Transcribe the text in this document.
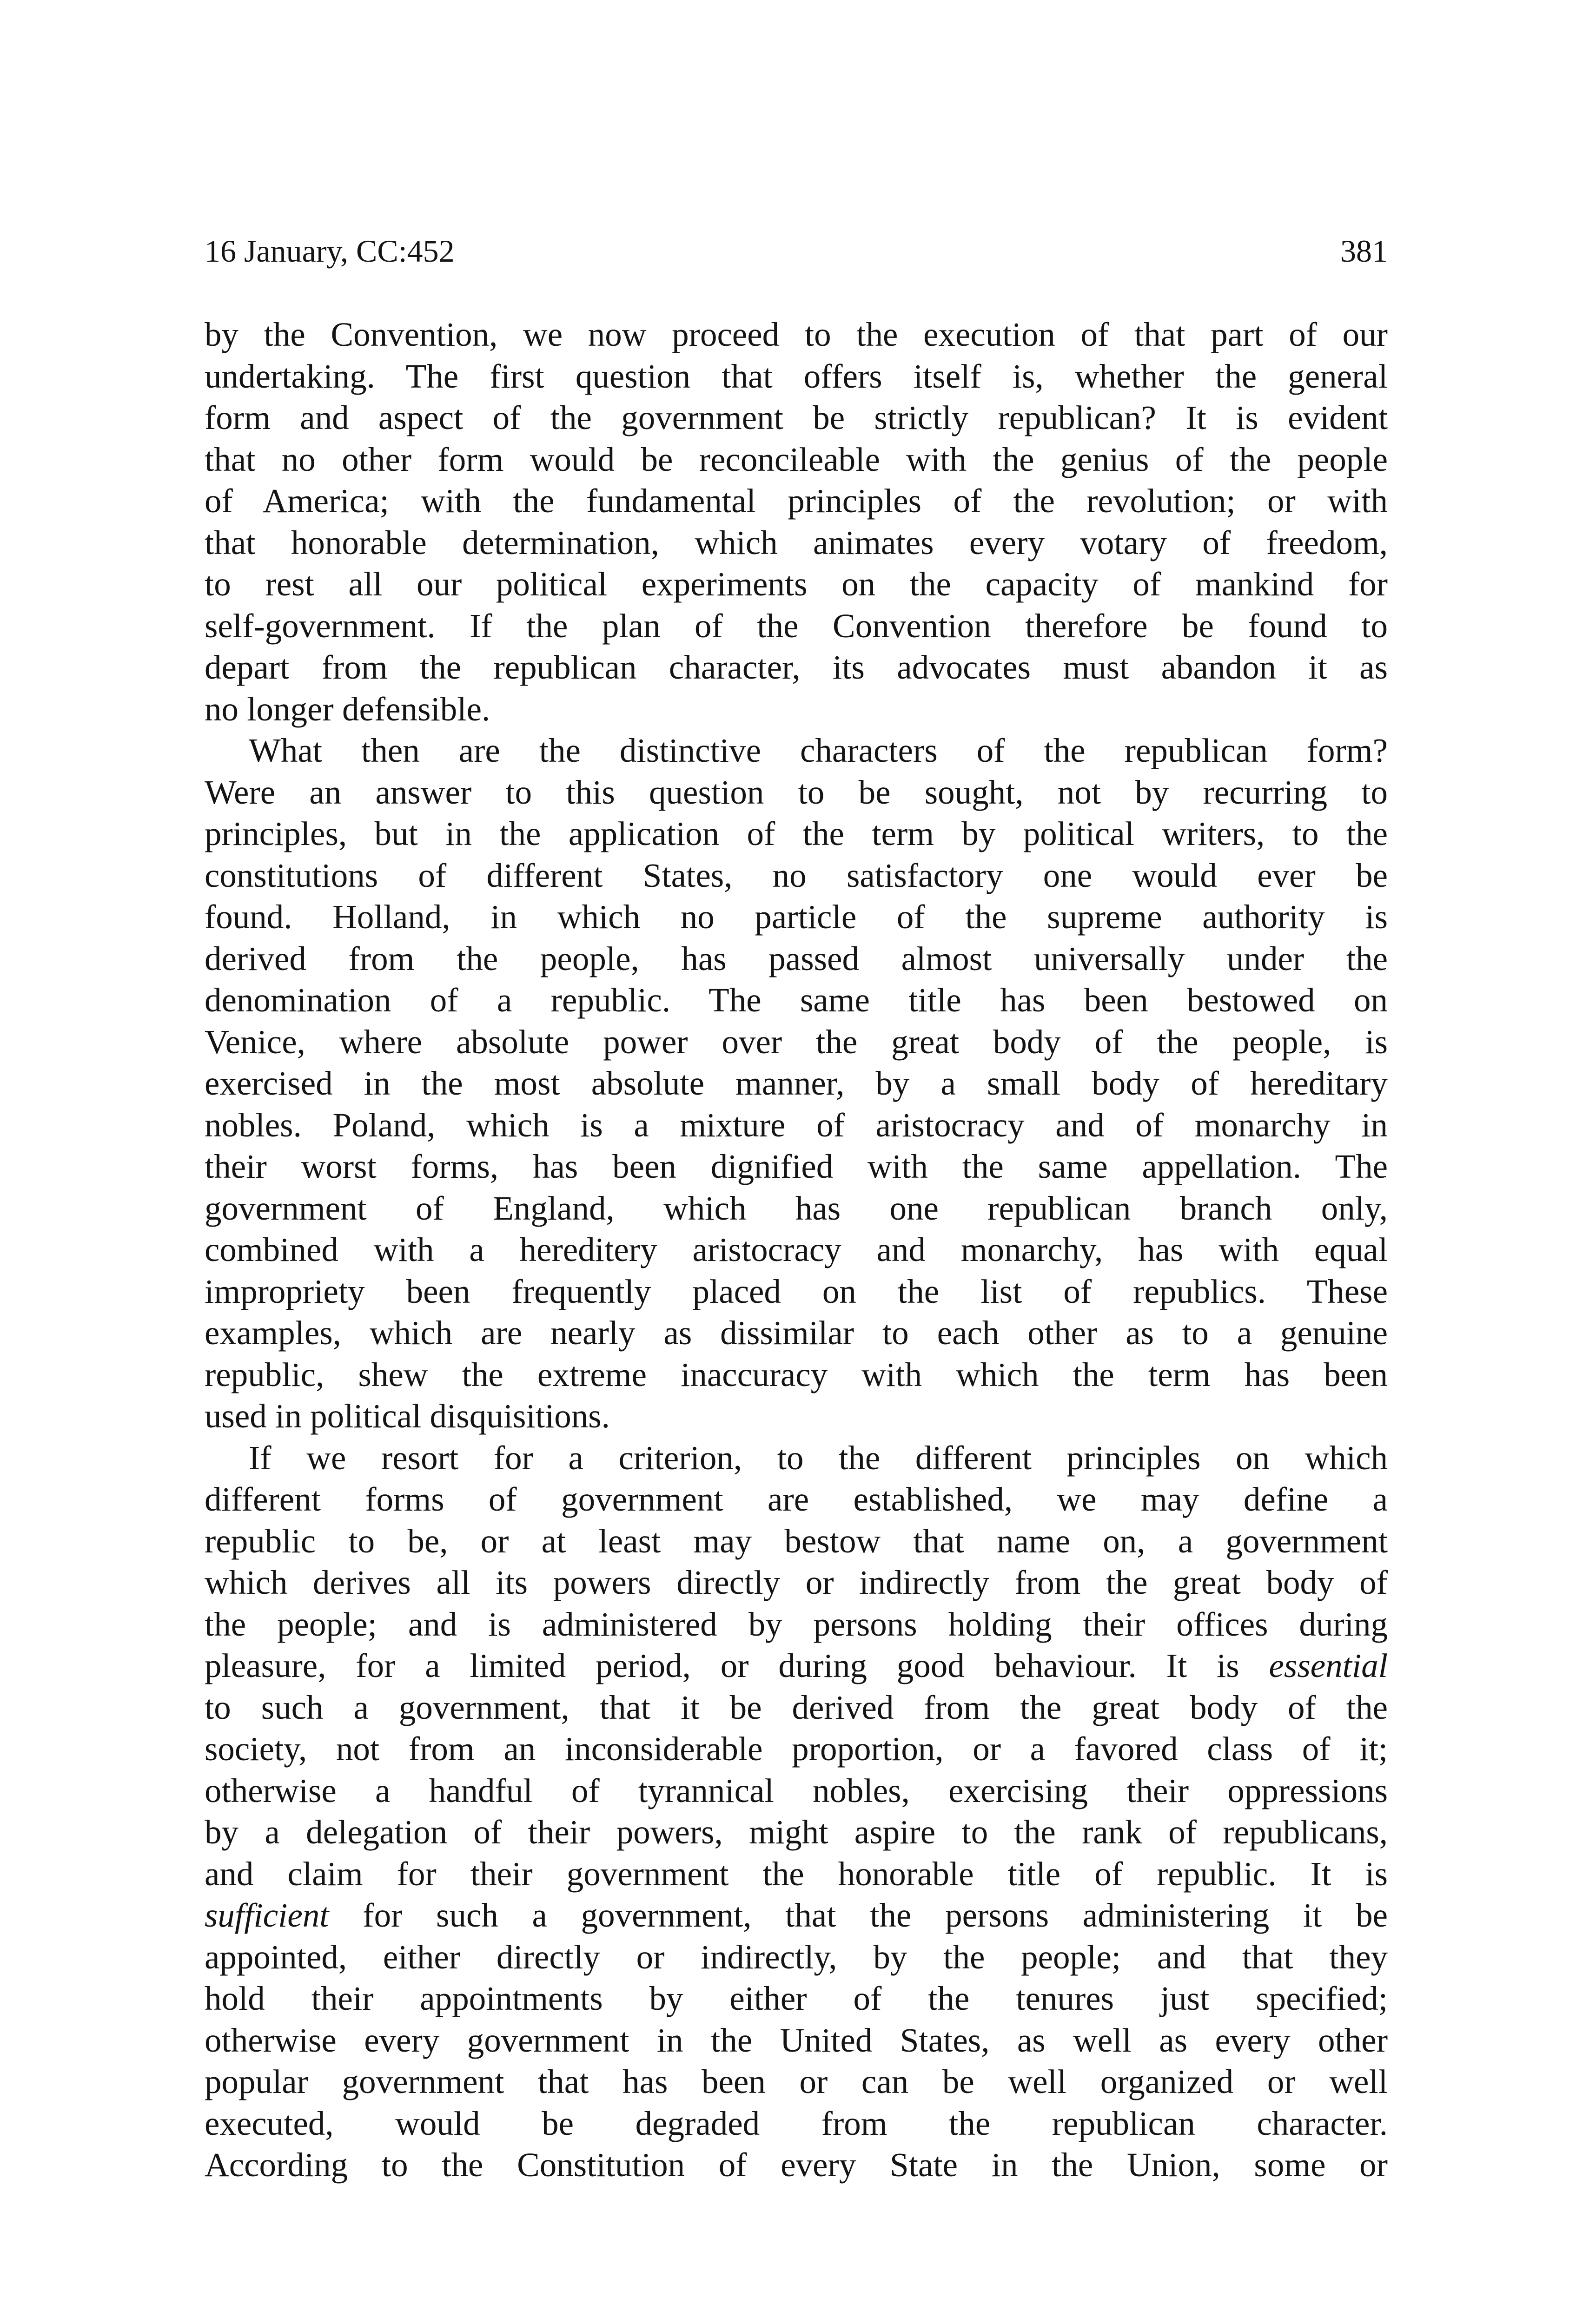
16 January, CC:452	381
by the Convention, we now proceed to the execution of that part of our
undertaking. The first question that offers itself is, whether the general
form and aspect of the government be strictly republican? It is evident
that no other form would be reconcileable with the genius of the people
of America; with the fundamental principles of the revolution; or with
that honorable determination, which animates every votary of freedom,
to rest all our political experiments on the capacity of mankind for
self-government. If the plan of the Convention therefore be found to
depart from the republican character, its advocates must abandon it as
no longer defensible.
What then are the distinctive characters of the republican form?
Were an answer to this question to be sought, not by recurring to
principles, but in the application of the term by political writers, to the
constitutions of different States, no satisfactory one would ever be
found. Holland, in which no particle of the supreme authority is
derived from the people, has passed almost universally under the
denomination of a republic. The same title has been bestowed on
Venice, where absolute power over the great body of the people, is
exercised in the most absolute manner, by a small body of hereditary
nobles. Poland, which is a mixture of aristocracy and of monarchy in
their worst forms, has been dignified with the same appellation. The
government of England, which has one republican branch only,
combined with a hereditery aristocracy and monarchy, has with equal
impropriety been frequently placed on the list of republics. These
examples, which are nearly as dissimilar to each other as to a genuine
republic, shew the extreme inaccuracy with which the term has been
used in political disquisitions.
If we resort for a criterion, to the different principles on which
different forms of government are established, we may define a
republic to be, or at least may bestow that name on, a government
which derives all its powers directly or indirectly from the great body of
the people; and is administered by persons holding their offices during
pleasure, for a limited period, or during good behaviour. It is essential
to such a government, that it be derived from the great body of the
society, not from an inconsiderable proportion, or a favored class of it;
otherwise a handful of tyrannical nobles, exercising their oppressions
by a delegation of their powers, might aspire to the rank of republicans,
and claim for their government the honorable title of republic. It is
sufficient for such a government, that the persons administering it be
appointed, either directly or indirectly, by the people; and that they
hold their appointments by either of the tenures just specified;
otherwise every government in the United States, as well as every other
popular government that has been or can be well organized or well
executed, would be degraded from the republican character.
According to the Constitution of every State in the Union, some or
